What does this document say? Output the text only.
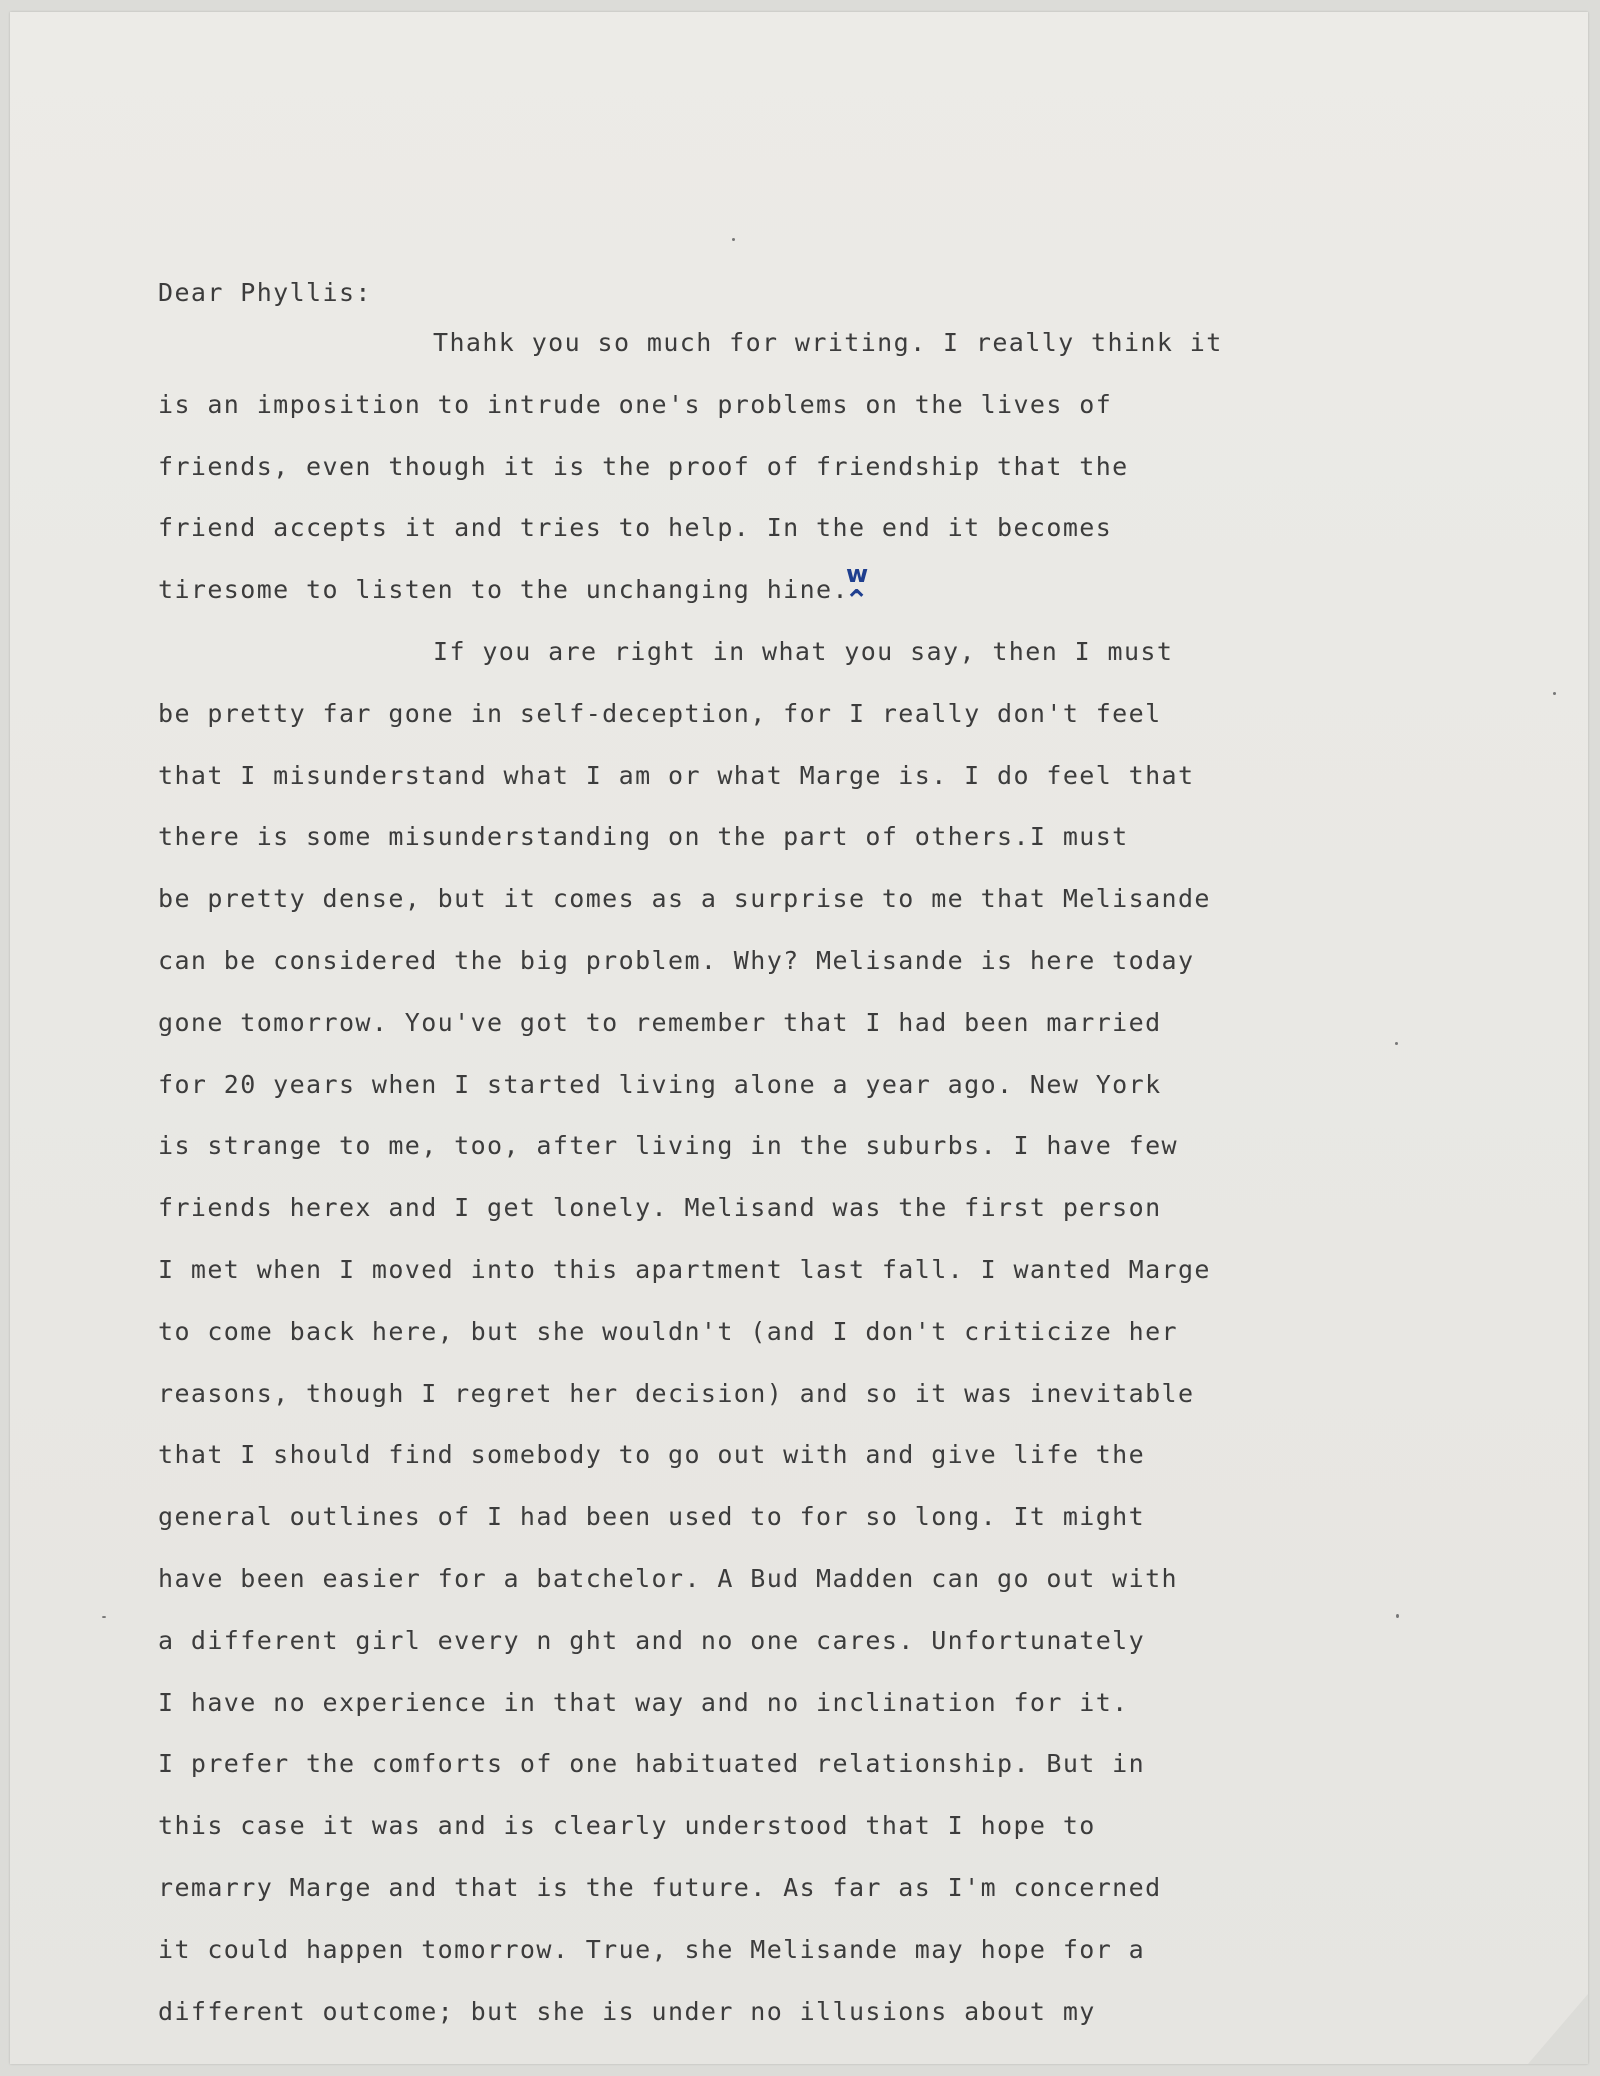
Dear Phyllis:
Thahk you so much for writing. I really think it
is an imposition to intrude one's problems on the lives of
friends, even though it is the proof of friendship that the
friend accepts it and tries to help. In the end it becomes
tiresome to listen to the unchanging hine.
If you are right in what you say, then I must
be pretty far gone in self-deception, for I really don't feel
that I misunderstand what I am or what Marge is. I do feel that
there is some misunderstanding on the part of others.I must
be pretty dense, but it comes as a surprise to me that Melisande
can be considered the big problem. Why? Melisande is here today
gone tomorrow. You've got to remember that I had been married
for 20 years when I started living alone a year ago. New York
is strange to me, too, after living in the suburbs. I have few
friends herex and I get lonely. Melisand was the first person
I met when I moved into this apartment last fall. I wanted Marge
to come back here, but she wouldn't (and I don't criticize her
reasons, though I regret her decision) and so it was inevitable
that I should find somebody to go out with and give life the
general outlines of I had been used to for so long. It might
have been easier for a batchelor. A Bud Madden can go out with
a different girl every n ght and no one cares. Unfortunately
I have no experience in that way and no inclination for it.
I prefer the comforts of one habituated relationship. But in
this case it was and is clearly understood that I hope to
remarry Marge and that is the future. As far as I'm concerned
it could happen tomorrow. True, she Melisande may hope for a
different outcome; but she is under no illusions about my
w
⌃
